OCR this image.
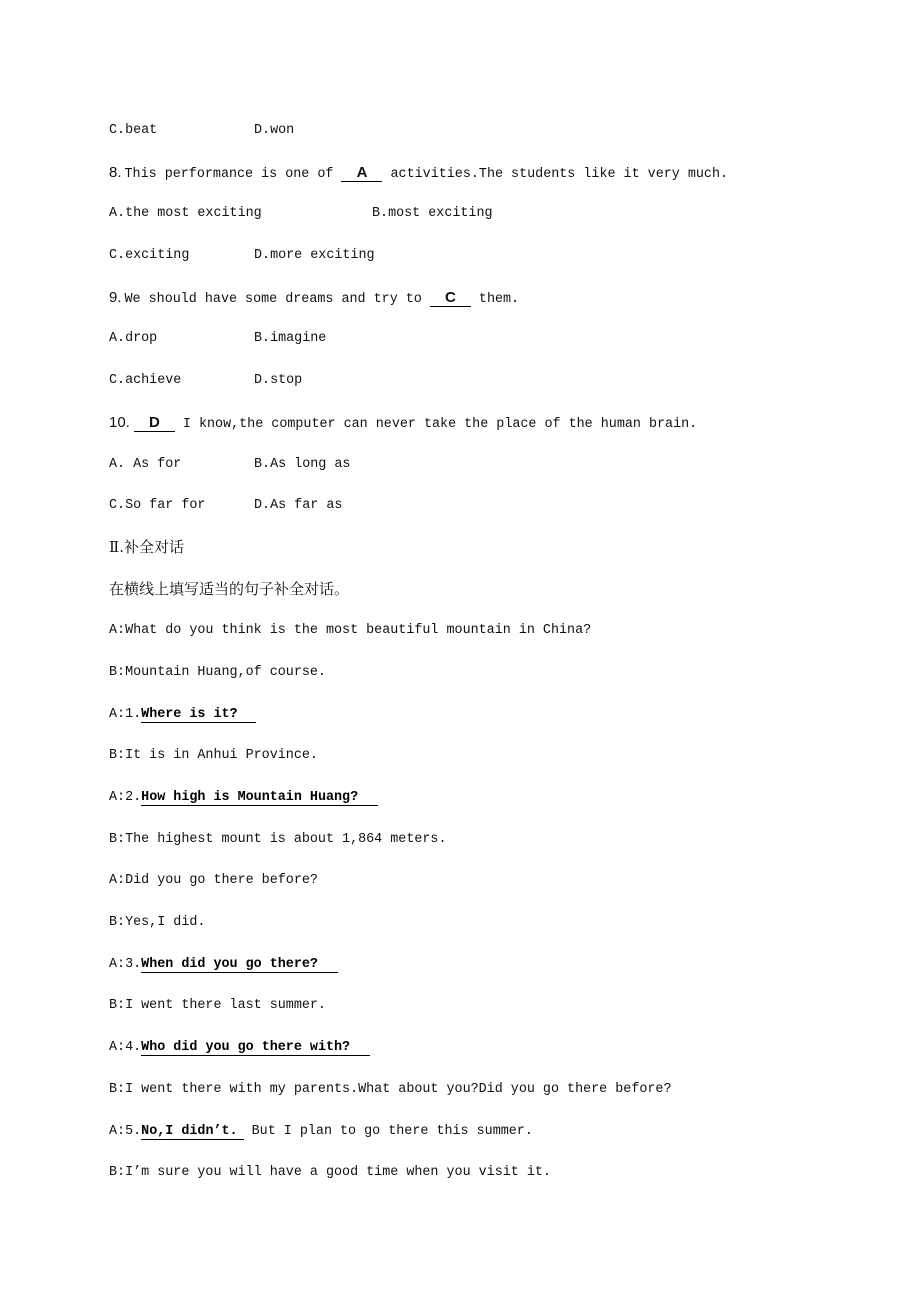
C.beat	D.won
8. This performance is one of A activities.The students like it very much.
A.the most exciting	B.most exciting
C.exciting	D.more exciting
9. We should have some dreams and try to C them.
A.drop	B.imagine
C.achieve	D.stop
10. D I know,the computer can never take the place of the human brain.
A. As for	B.As long as
C.So far for	D.As far as
Ⅱ.补全对话
在横线上填写适当的句子补全对话。
A:What do you think is the most beautiful mountain in China?
B:Mountain Huang,of course.
A:1.Where is it?
B:It is in Anhui Province.
A:2.How high is Mountain Huang?
B:The highest mount is about 1,864 meters.
A:Did you go there before?
B:Yes,I did.
A:3.When did you go there?
B:I went there last summer.
A:4.Who did you go there with?
B:I went there with my parents.What about you?Did you go there before?
A:5.No,I didn’t. But I plan to go there this summer.
B:I’m sure you will have a good time when you visit it.
